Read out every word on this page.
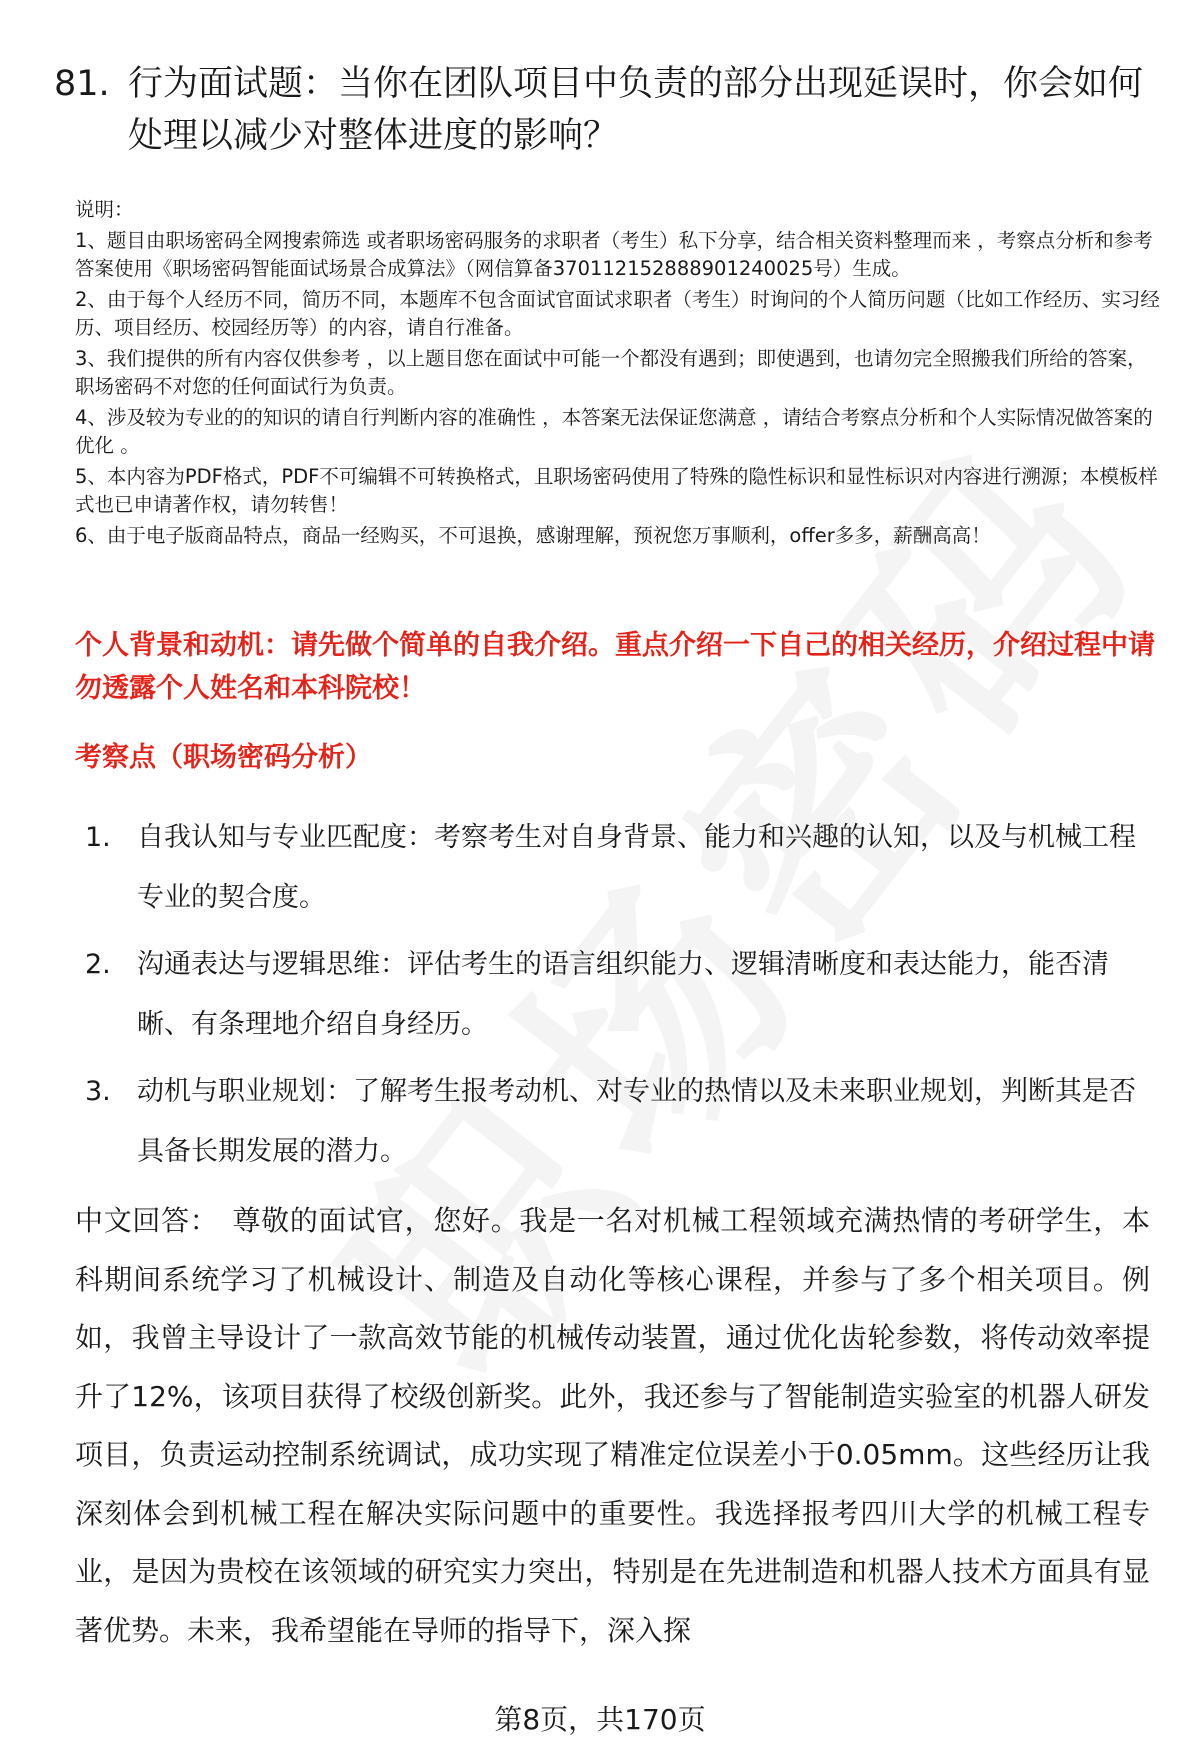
81. 行为面试题：当你在团队项目中负责的部分出现延误时，你会如何处理以减少对整体进度的影响？

说明：

1、题目由职场密码全网搜索筛选 或者职场密码服务的求职者（考生）私下分享，结合相关资料整理而来 ，考察点分析和参考答案使用《职场密码智能面试场景合成算法》（网信算备370112152888901240025号）生成。

2、由于每个人经历不同，简历不同，本题库不包含面试官面试求职者（考生）时询问的个人简历问题（比如工作经历、实习经历、项目经历、校园经历等）的内容，请自行准备。

3、我们提供的所有内容仅供参考 ，以上题目您在面试中可能一个都没有遇到；即使遇到，也请勿完全照搬我们所给的答案，职场密码不对您的任何面试行为负责。

4、涉及较为专业的的知识的请自行判断内容的准确性 ，本答案无法保证您满意 ，请结合考察点分析和个人实际情况做答案的优化 。

5、本内容为PDF格式，PDF不可编辑不可转换格式，且职场密码使用了特殊的隐性标识和显性标识对内容进行溯源；本模板样式也已申请著作权，请勿转售！

6、由于电子版商品特点，商品一经购买，不可退换，感谢理解，预祝您万事顺利，offer多多，薪酬高高！

个人背景和动机：请先做个简单的自我介绍。重点介绍一下自己的相关经历，介绍过程中请勿透露个人姓名和本科院校！
考察点（职场密码分析）
1. 自我认知与专业匹配度：考察考生对自身背景、能力和兴趣的认知，以及与机械工程专业的契合度。
2. 沟通表达与逻辑思维：评估考生的语言组织能力、逻辑清晰度和表达能力，能否清晰、有条理地介绍自身经历。
3. 动机与职业规划：了解考生报考动机、对专业的热情以及未来职业规划，判断其是否具备长期发展的潜力。
中文回答： 尊敬的面试官，您好。我是一名对机械工程领域充满热情的考研学生，本科期间系统学习了机械设计、制造及自动化等核心课程，并参与了多个相关项目。例如，我曾主导设计了一款高效节能的机械传动装置，通过优化齿轮参数，将传动效率提升了12%，该项目获得了校级创新奖。此外，我还参与了智能制造实验室的机器人研发项目，负责运动控制系统调试，成功实现了精准定位误差小于0.05mm。这些经历让我深刻体会到机械工程在解决实际问题中的重要性。我选择报考四川大学的机械工程专业，是因为贵校在该领域的研究实力突出，特别是在先进制造和机器人技术方面具有显著优势。未来，我希望能在导师的指导下，深入探
第8页，共170页
